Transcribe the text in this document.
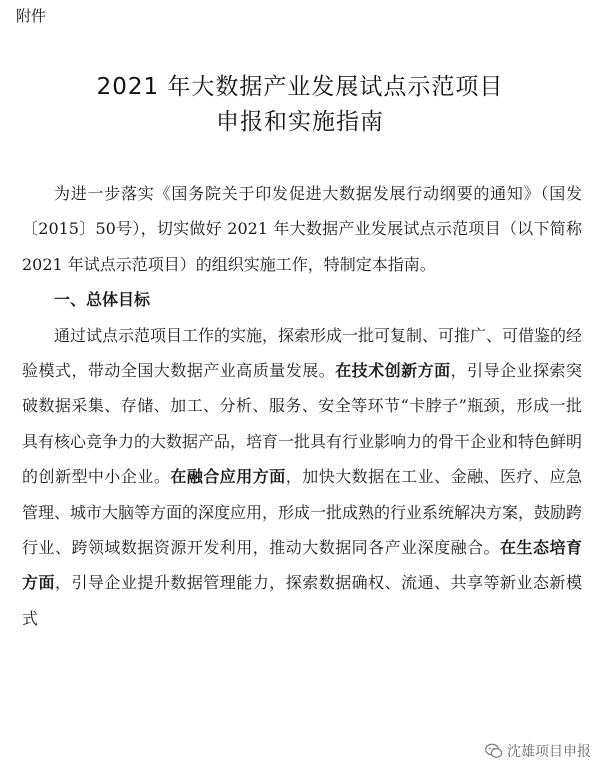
附件
2021 年大数据产业发展试点示范项目
申报和实施指南

为进一步落实《国务院关于印发促进大数据发展行动纲要的通知》（国发〔2015〕50号），切实做好 2021 年大数据产业发展试点示范项目（以下简称 2021 年试点示范项目）的组织实施工作，特制定本指南。

一、总体目标

通过试点示范项目工作的实施，探索形成一批可复制、可推广、可借鉴的经验模式，带动全国大数据产业高质量发展。在技术创新方面，引导企业探索突破数据采集、存储、加工、分析、服务、安全等环节“卡脖子”瓶颈，形成一批具有核心竞争力的大数据产品，培育一批具有行业影响力的骨干企业和特色鲜明的创新型中小企业。在融合应用方面，加快大数据在工业、金融、医疗、应急管理、城市大脑等方面的深度应用，形成一批成熟的行业系统解决方案，鼓励跨行业、跨领域数据资源开发利用，推动大数据同各产业深度融合。在生态培育方面，引导企业提升数据管理能力，探索数据确权、流通、共享等新业态新模式

沈雄项目申报
